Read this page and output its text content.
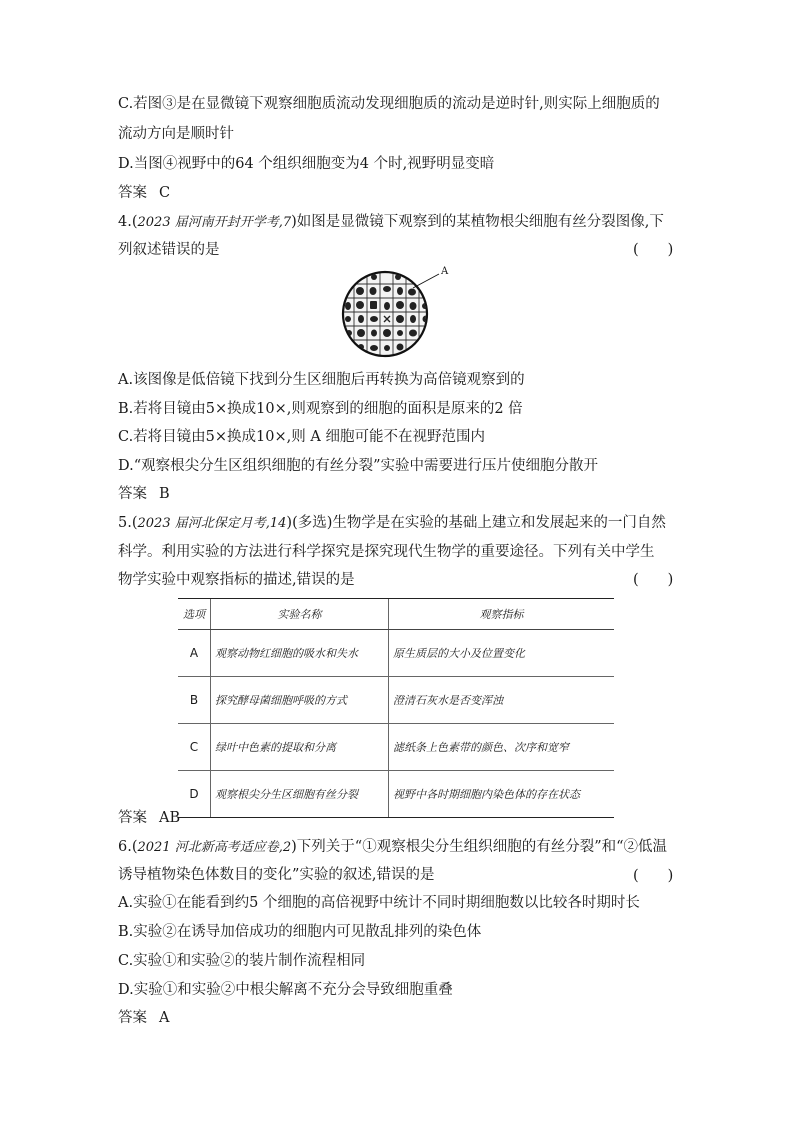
C.若图③是在显微镜下观察细胞质流动发现细胞质的流动是逆时针,则实际上细胞质的
流动方向是顺时针
D.当图④视野中的64 个组织细胞变为4 个时,视野明显变暗
答案 C
4.(2023 届河南开封开学考,7)如图是显微镜下观察到的某植物根尖细胞有丝分裂图像,下
列叙述错误的是	(　　)
A
A.该图像是低倍镜下找到分生区细胞后再转换为高倍镜观察到的
B.若将目镜由5×换成10×,则观察到的细胞的面积是原来的2 倍
C.若将目镜由5×换成10×,则 A 细胞可能不在视野范围内
D.“观察根尖分生区组织细胞的有丝分裂”实验中需要进行压片使细胞分散开
答案 B
5.(2023 届河北保定月考,14)(多选)生物学是在实验的基础上建立和发展起来的一门自然
科学。利用实验的方法进行科学探究是探究现代生物学的重要途径。下列有关中学生
物学实验中观察指标的描述,错误的是	(　　)
选项	实验名称	观察指标
A	观察动物红细胞的吸水和失水	原生质层的大小及位置变化
B	探究酵母菌细胞呼吸的方式	澄清石灰水是否变浑浊
C	绿叶中色素的提取和分离	滤纸条上色素带的颜色、次序和宽窄
D	观察根尖分生区细胞有丝分裂	视野中各时期细胞内染色体的存在状态
答案 AB
6.(2021 河北新高考适应卷,2)下列关于“①观察根尖分生组织细胞的有丝分裂”和“②低温
诱导植物染色体数目的变化”实验的叙述,错误的是	(　　)
A.实验①在能看到约5 个细胞的高倍视野中统计不同时期细胞数以比较各时期时长
B.实验②在诱导加倍成功的细胞内可见散乱排列的染色体
C.实验①和实验②的装片制作流程相同
D.实验①和实验②中根尖解离不充分会导致细胞重叠
答案 A
